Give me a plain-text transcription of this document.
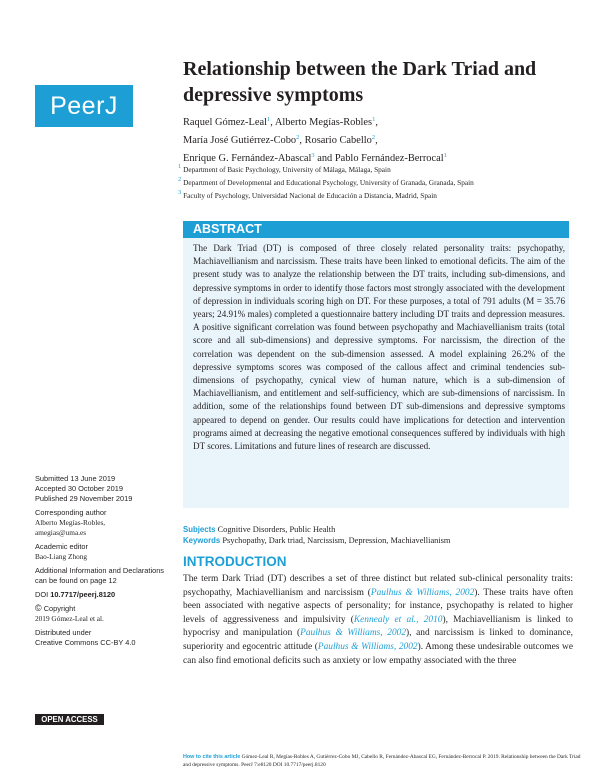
PeerJ
Relationship between the Dark Triad and depressive symptoms
Raquel Gómez-Leal$^1$, Alberto Megías-Robles$^1$,
María José Gutiérrez-Cobo$^2$, Rosario Cabello$^2$,
Enrique G. Fernández-Abascal$^3$ and Pablo Fernández-Berrocal$^1$
$^1$ Department of Basic Psychology, University of Málaga, Málaga, Spain
$^2$ Department of Developmental and Educational Psychology, University of Granada, Granada, Spain
$^3$ Faculty of Psychology, Universidad Nacional de Educación a Distancia, Madrid, Spain
ABSTRACT
The Dark Triad (DT) is composed of three closely related personality traits: psychopathy, Machiavellianism and narcissism. These traits have been linked to emotional deficits. The aim of the present study was to analyze the relationship between the DT traits, including sub-dimensions, and depressive symptoms in order to identify those factors most strongly associated with the development of depression in individuals scoring high on DT. For these purposes, a total of 791 adults (M = 35.76 years; 24.91% males) completed a questionnaire battery including DT traits and depression measures. A positive significant correlation was found between psychopathy and Machiavellianism traits (total score and all sub-dimensions) and depressive symptoms. For narcissism, the direction of the correlation was dependent on the sub-dimension assessed. A model explaining 26.2% of the depressive symptoms scores was composed of the callous affect and criminal tendencies sub-dimensions of psychopathy, cynical view of human nature, which is a sub-dimension of Machiavellianism, and entitlement and self-sufficiency, which are sub-dimensions of narcissism. In addition, some of the relationships found between DT sub-dimensions and depressive symptoms appeared to depend on gender. Our results could have implications for detection and intervention programs aimed at decreasing the negative emotional consequences suffered by individuals with high DT scores. Limitations and future lines of research are discussed.
Submitted 13 June 2019
Accepted 30 October 2019
Published 29 November 2019
Corresponding author
Alberto Megías-Robles,
amegias@uma.es
Academic editor
Bao-Liang Zhong
Additional Information and Declarations can be found on page 12
DOI 10.7717/peerj.8120
© Copyright
2019 Gómez-Leal et al.
Distributed under
Creative Commons CC-BY 4.0
OPEN ACCESS
Subjects Cognitive Disorders, Public Health
Keywords Psychopathy, Dark triad, Narcissism, Depression, Machiavellianism
INTRODUCTION
The term Dark Triad (DT) describes a set of three distinct but related sub-clinical personality traits: psychopathy, Machiavellianism and narcissism (Paulhus & Williams, 2002). These traits have often been associated with negative aspects of personality; for instance, psychopathy is related to higher levels of aggressiveness and impulsivity (Kennealy et al., 2010), Machiavellianism is linked to hypocrisy and manipulation (Paulhus & Williams, 2002), and narcissism is linked to dominance, superiority and egocentric attitude (Paulhus & Williams, 2002). Among these undesirable outcomes we can also find emotional deficits such as anxiety or low empathy associated with the three
How to cite this article Gómez-Leal R, Megías-Robles A, Gutiérrez-Cobo MJ, Cabello R, Fernández-Abascal EG, Fernández-Berrocal P. 2019. Relationship between the Dark Triad and depressive symptoms. PeerJ 7:e8120 DOI 10.7717/peerj.8120
